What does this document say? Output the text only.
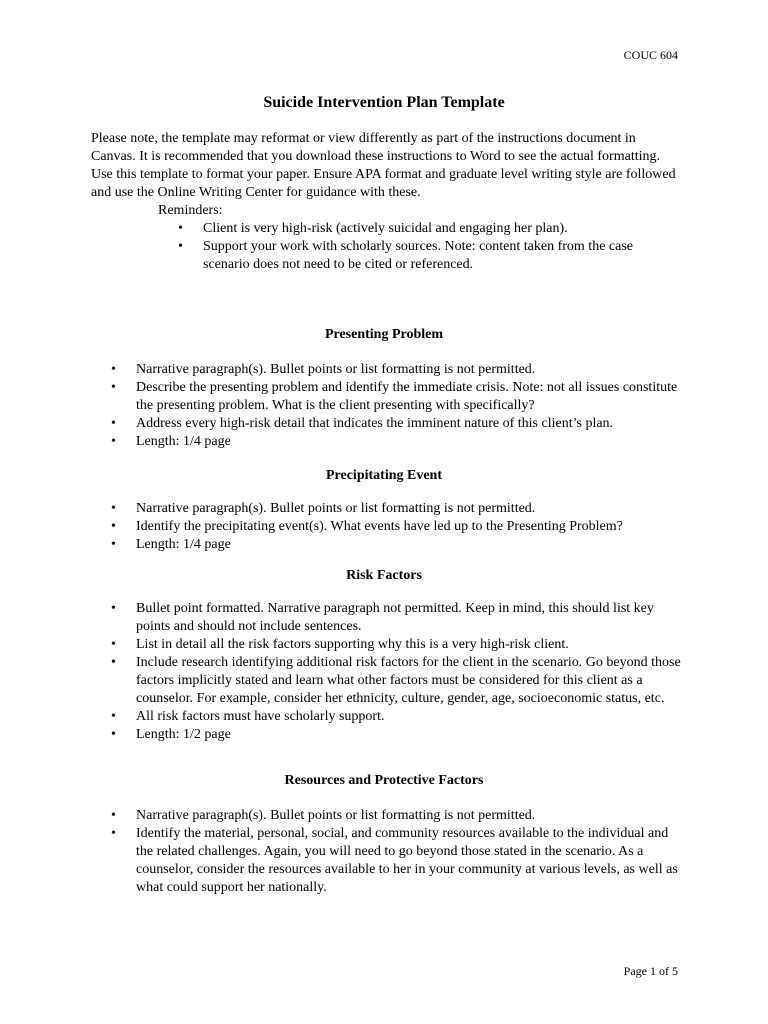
COUC 604
Suicide Intervention Plan Template

Please note, the template may reformat or view differently as part of the instructions document in Canvas. It is recommended that you download these instructions to Word to see the actual formatting.

Use this template to format your paper. Ensure APA format and graduate level writing style are followed and use the Online Writing Center for guidance with these.

Reminders:

• Client is very high-risk (actively suicidal and engaging her plan).
• Support your work with scholarly sources. Note: content taken from the case scenario does not need to be cited or referenced.
Presenting Problem
• Narrative paragraph(s). Bullet points or list formatting is not permitted.
• Describe the presenting problem and identify the immediate crisis. Note: not all issues constitute the presenting problem. What is the client presenting with specifically?
• Address every high-risk detail that indicates the imminent nature of this client’s plan.
• Length: 1/4 page
Precipitating Event
• Narrative paragraph(s). Bullet points or list formatting is not permitted.
• Identify the precipitating event(s). What events have led up to the Presenting Problem?
• Length: 1/4 page
Risk Factors
• Bullet point formatted. Narrative paragraph not permitted. Keep in mind, this should list key points and should not include sentences.
• List in detail all the risk factors supporting why this is a very high-risk client.
• Include research identifying additional risk factors for the client in the scenario. Go beyond those factors implicitly stated and learn what other factors must be considered for this client as a counselor. For example, consider her ethnicity, culture, gender, age, socioeconomic status, etc.
• All risk factors must have scholarly support.
• Length: 1/2 page
Resources and Protective Factors
• Narrative paragraph(s). Bullet points or list formatting is not permitted.
• Identify the material, personal, social, and community resources available to the individual and the related challenges. Again, you will need to go beyond those stated in the scenario. As a counselor, consider the resources available to her in your community at various levels, as well as what could support her nationally.
Page 1 of 5
